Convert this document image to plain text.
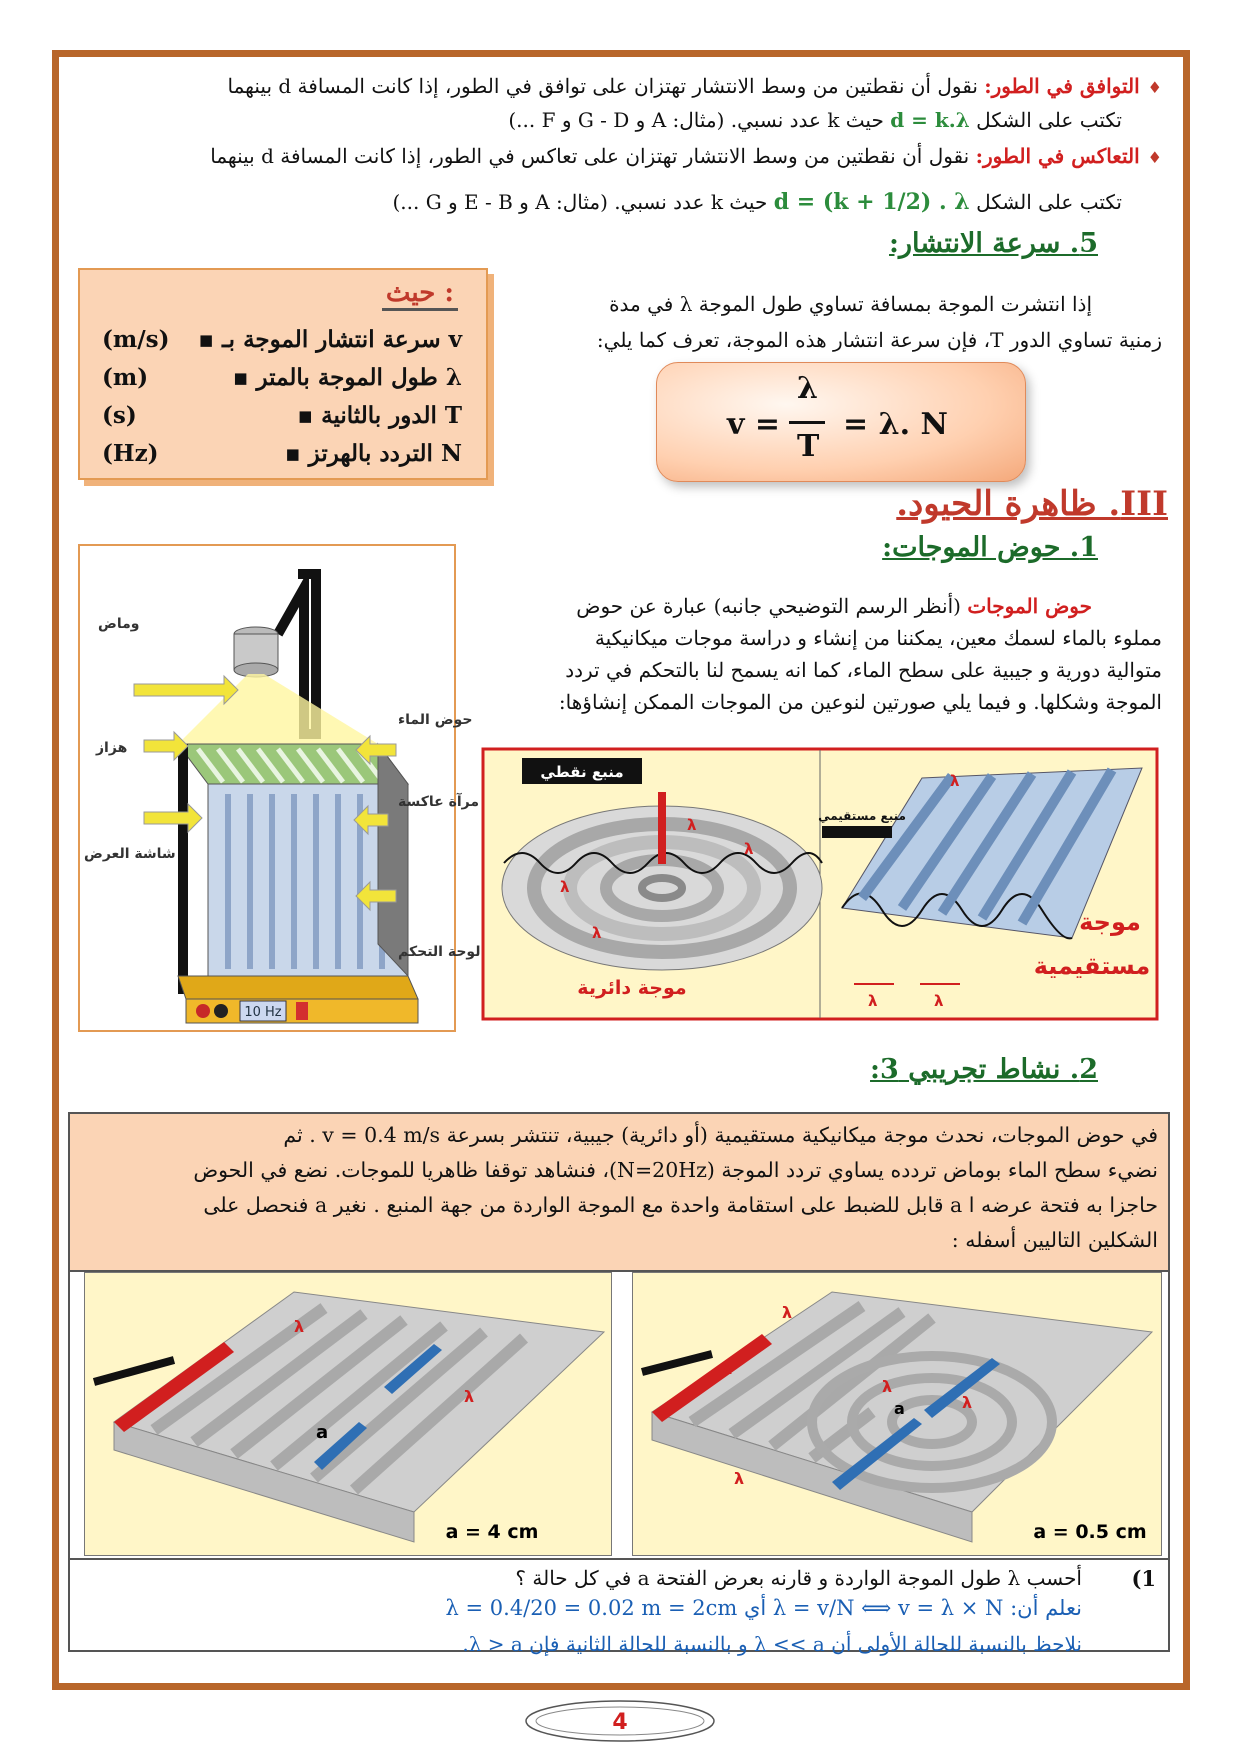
♦التوافق في الطور: نقول أن نقطتين من وسط الانتشار تهتزان على توافق في الطور، إذا كانت المسافة d بينهما
تكتب على الشكل d = k.λ حيث k عدد نسبي. (مثال: A و G - D و F ...)
♦التعاكس في الطور: نقول أن نقطتين من وسط الانتشار تهتزان على تعاكس في الطور، إذا كانت المسافة d بينهما
تكتب على الشكل d = (k + 1/2) . λ حيث k عدد نسبي. (مثال: A و E - B و G ...)
5. سرعة الانتشار:
إذا انتشرت الموجة بمسافة تساوي طول الموجة λ في مدة
زمنية تساوي الدور T، فإن سرعة انتشار هذه الموجة، تعرف كما يلي:
حيث :
(m/s)	v سرعة انتشار الموجة بـ ▪
(m)	λ طول الموجة بالمتر ▪
(s)	T الدور بالثانية ▪
(Hz)	N التردد بالهرتز ▪
v =
λ
T
= λ. N
III. ظاهرة الحيود.
1. حوض الموجات:
حوض الموجات (أنظر الرسم التوضيحي جانبه) عبارة عن حوض
مملوء بالماء لسمك معين، يمكننا من إنشاء و دراسة موجات ميكانيكية
متوالية دورية و جيبية على سطح الماء، كما انه يسمح لنا بالتحكم في تردد
الموجة وشكلها. و فيما يلي صورتين لنوعين من الموجات الممكن إنشاؤها:
10 Hz
وماض
هزاز
حوض الماء
مرآة عاكسة
شاشة العرض
لوحة التحكم
منبع نقطي
موجة دائرية
λ
λ
λ
λ
منبع مستقيمي
λ	λ
λ
موجة
مستقيمية
2. نشاط تجريبي 3:
في حوض الموجات، نحدث موجة ميكانيكية مستقيمية (أو دائرية) جيبية، تنتشر بسرعة v = 0.4 m/s . ثم
نضيء سطح الماء بوماض تردده يساوي تردد الموجة (N=20Hz)، فنشاهد توقفا ظاهريا للموجات. نضع في الحوض
حاجزا به فتحة عرضه ا a قابل للضبط على استقامة واحدة مع الموجة الواردة من جهة المنبع . نغير a فنحصل على
الشكلين التاليين أسفله :
a
λ
λ
a = 4 cm
λ
λ
λ
λ
λ
a
a = 0.5 cm
(1
أحسب λ طول الموجة الواردة و قارنه بعرض الفتحة a في كل حالة ؟
نعلم أن: λ = v/N ⟺ v = λ × N أي λ = 0.4/20 = 0.02 m = 2cm
نلاحظ بالنسبة للحالة الأولى أن λ << a و بالنسبة للحالة الثانية فإن λ > a.
4
